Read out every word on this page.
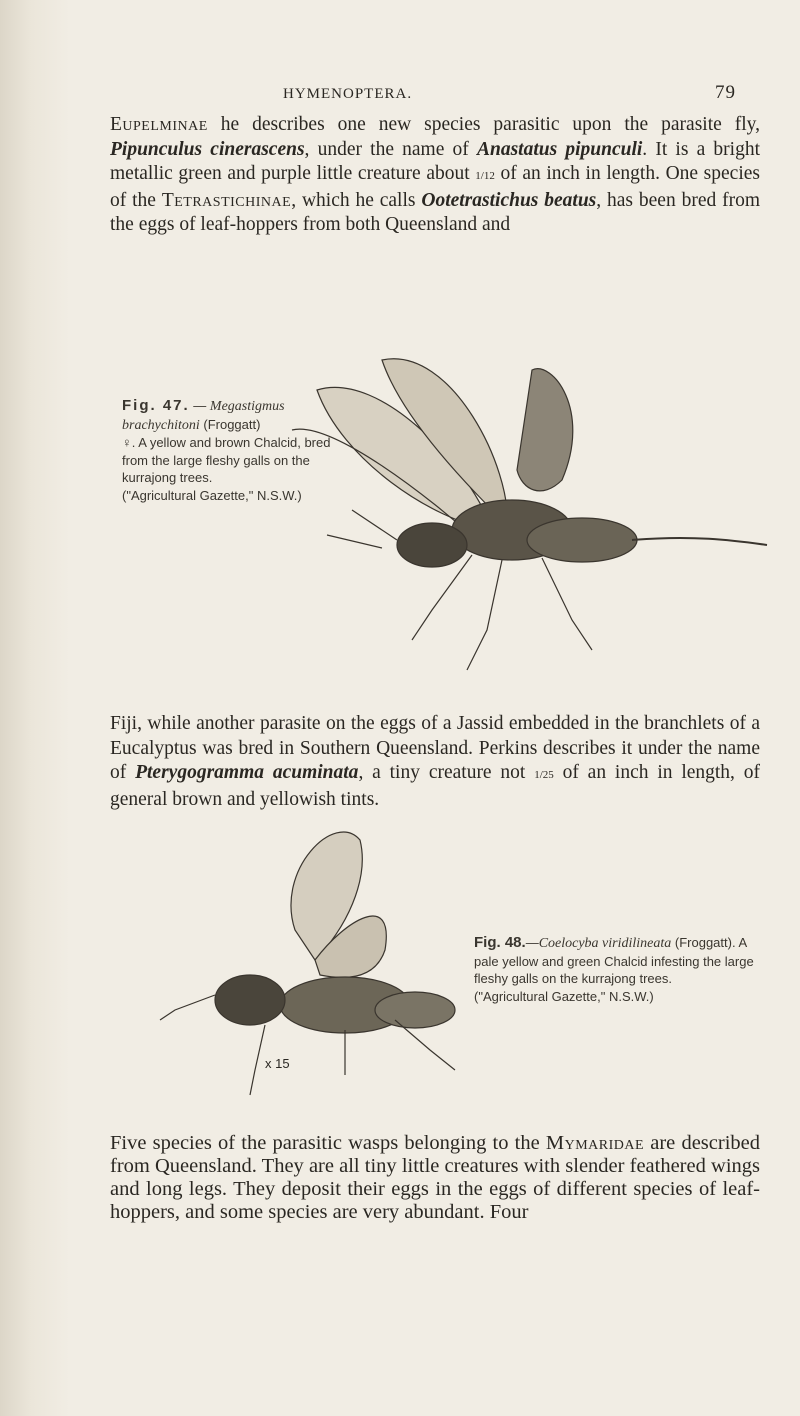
HYMENOPTERA.	79

Eupelminae he describes one new species parasitic upon the parasite fly, Pipunculus cinerascens, under the name of Anastatus pipunculi. It is a bright metallic green and purple little creature about 1/12 of an inch in length. One species of the Tetrastichinae, which he calls Ootetrastichus beatus, has been bred from the eggs of leaf-hoppers from both Queensland and

Fig. 47. — Megastigmus brachychitoni (Froggatt)
♀. A yellow and brown Chalcid, bred from the large fleshy galls on the kurrajong trees.
("Agricultural Gazette," N.S.W.)

Fiji, while another parasite on the eggs of a Jassid embedded in the branchlets of a Eucalyptus was bred in Southern Queensland. Perkins describes it under the name of Pterygogramma acuminata, a tiny creature not 1/25 of an inch in length, of general brown and yellowish tints.

x 15
Fig. 48.—Coelocyba viridilineata (Froggatt). A pale yellow and green Chalcid infesting the large fleshy galls on the kurrajong trees.
("Agricultural Gazette," N.S.W.)

Five species of the parasitic wasps belonging to the Mymaridae are described from Queensland. They are all tiny little creatures with slender feathered wings and long legs. They deposit their eggs in the eggs of different species of leaf-hoppers, and some species are very abundant. Four
